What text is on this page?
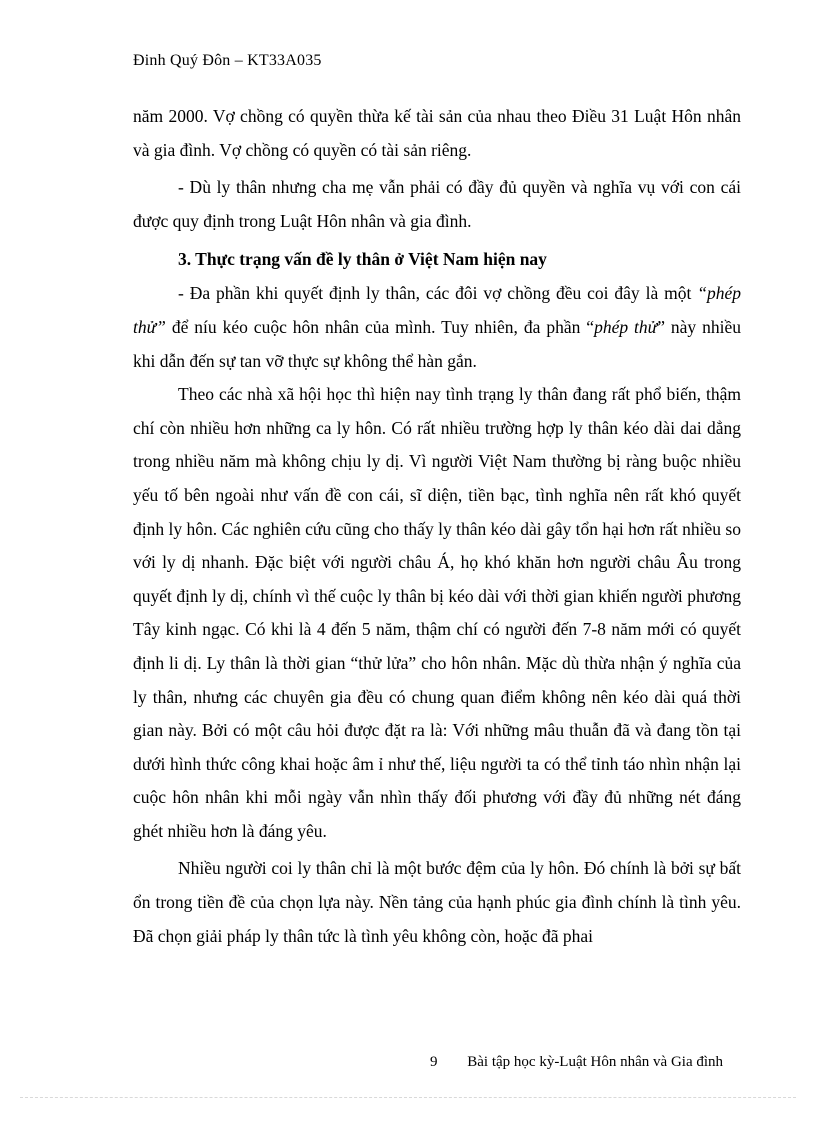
Đinh Quý Đôn – KT33A035

năm 2000. Vợ chồng có quyền thừa kế tài sản của nhau theo Điều 31 Luật Hôn nhân và gia đình. Vợ chồng có quyền có tài sản riêng.

- Dù ly thân nhưng cha mẹ vẫn phải có đầy đủ quyền và nghĩa vụ với con cái được quy định trong Luật Hôn nhân và gia đình.

3. Thực trạng vấn đề ly thân ở Việt Nam hiện nay

- Đa phần khi quyết định ly thân, các đôi vợ chồng đều coi đây là một “phép thử” để níu kéo cuộc hôn nhân của mình. Tuy nhiên, đa phần “phép thử” này nhiều khi dẫn đến sự tan vỡ thực sự không thể hàn gắn.

Theo các nhà xã hội học thì hiện nay tình trạng ly thân đang rất phổ biến, thậm chí còn nhiều hơn những ca ly hôn. Có rất nhiều trường hợp ly thân kéo dài dai dẳng trong nhiều năm mà không chịu ly dị. Vì người Việt Nam thường bị ràng buộc nhiều yếu tố bên ngoài như vấn đề con cái, sĩ diện, tiền bạc, tình nghĩa nên rất khó quyết định ly hôn. Các nghiên cứu cũng cho thấy ly thân kéo dài gây tổn hại hơn rất nhiều so với ly dị nhanh. Đặc biệt với người châu Á, họ khó khăn hơn người châu Âu trong quyết định ly dị, chính vì thế cuộc ly thân bị kéo dài với thời gian khiến người phương Tây kinh ngạc. Có khi là 4 đến 5 năm, thậm chí có người đến 7-8 năm mới có quyết định li dị. Ly thân là thời gian “thử lửa” cho hôn nhân. Mặc dù thừa nhận ý nghĩa của ly thân, nhưng các chuyên gia đều có chung quan điểm không nên kéo dài quá thời gian này. Bởi có một câu hỏi được đặt ra là: Với những mâu thuẫn đã và đang tồn tại dưới hình thức công khai hoặc âm ỉ như thế, liệu người ta có thể tỉnh táo nhìn nhận lại cuộc hôn nhân khi mỗi ngày vẫn nhìn thấy đối phương với đầy đủ những nét đáng ghét nhiều hơn là đáng yêu.

Nhiều người coi ly thân chỉ là một bước đệm của ly hôn. Đó chính là bởi sự bất ổn trong tiền đề của chọn lựa này. Nền tảng của hạnh phúc gia đình chính là tình yêu. Đã chọn giải pháp ly thân tức là tình yêu không còn, hoặc đã phai

9 Bài tập học kỳ-Luật Hôn nhân và Gia đình
